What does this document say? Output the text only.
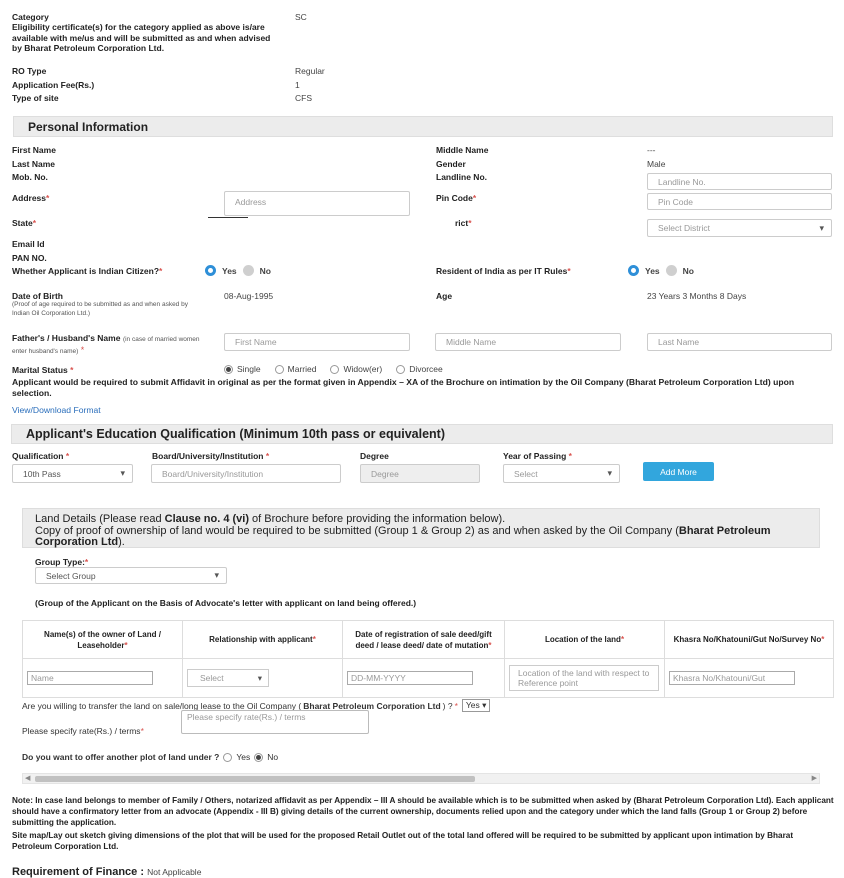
Category	SC
Eligibility certificate(s) for the category applied as above is/are available with me/us and will be submitted as and when advised by Bharat Petroleum Corporation Ltd.
RO Type	Regular
Application Fee(Rs.)	1
Type of site	CFS
Personal Information
First Name	Middle Name	---
Last Name	Gender	Male
Mob. No.	Landline No.	Landline No.
Address*	Address	Pin Code*	Pin Code
State*	rict*	Select District ▾
Email Id
PAN NO.
Whether Applicant is Indian Citizen?*	Yes	No	Resident of India as per IT Rules*	Yes	No
Date of Birth
(Proof of age required to be submitted as and when asked by Indian Oil Corporation Ltd.)
08-Aug-1995	Age	23 Years 3 Months 8 Days
Father's / Husband's Name (in case of married women enter husband's name) *
First Name	Middle Name	Last Name
Marital Status *	Single	Married	Widow(er)	Divorcee
Applicant would be required to submit Affidavit in original as per the format given in Appendix – XA of the Brochure on intimation by the Oil Company (Bharat Petroleum Corporation Ltd) upon selection.
View/Download Format
Applicant's Education Qualification (Minimum 10th pass or equivalent)
Qualification *	Board/University/Institution *	Degree	Year of Passing *
10th Pass ▾	Board/University/Institution	Degree	Select ▾	Add More
Land Details (Please read Clause no. 4 (vi) of Brochure before providing the information below).
Copy of proof of ownership of land would be required to be submitted (Group 1 & Group 2) as and when asked by the Oil Company (Bharat Petroleum Corporation Ltd).
Group Type:*
Select Group ▾
(Group of the Applicant on the Basis of Advocate's letter with applicant on land being offered.)
Name(s) of the owner of Land / Leaseholder*	Relationship with applicant*	Date of registration of sale deed/gift deed / lease deed/ date of mutation*	Location of the land*	Khasra No/Khatouni/Gut No/Survey No*

Name	Select ▾	DD-MM-YYYY	Location of the land with respect to Reference point	Khasra No/Khatouni/Gut
Are you willing to transfer the land on sale/long lease to the Oil Company ( Bharat Petroleum Corporation Ltd ) ? * Yes ▾
Please specify rate(Rs.) / terms*
Please specify rate(Rs.) / terms
Do you want to offer another plot of land under ? Yes No
◀	▶
Note: In case land belongs to member of Family / Others, notarized affidavit as per Appendix – III A should be available which is to be submitted when asked by (Bharat Petroleum Corporation Ltd). Each applicant should have a confirmatory letter from an advocate (Appendix - III B) giving details of the current ownership, documents relied upon and the category under which the land falls (Group 1 or Group 2) before submitting the application.
Site map/Lay out sketch giving dimensions of the plot that will be used for the proposed Retail Outlet out of the total land offered will be required to be submitted by applicant upon intimation by Bharat Petroleum Corporation Ltd.
Requirement of Finance : Not Applicable
